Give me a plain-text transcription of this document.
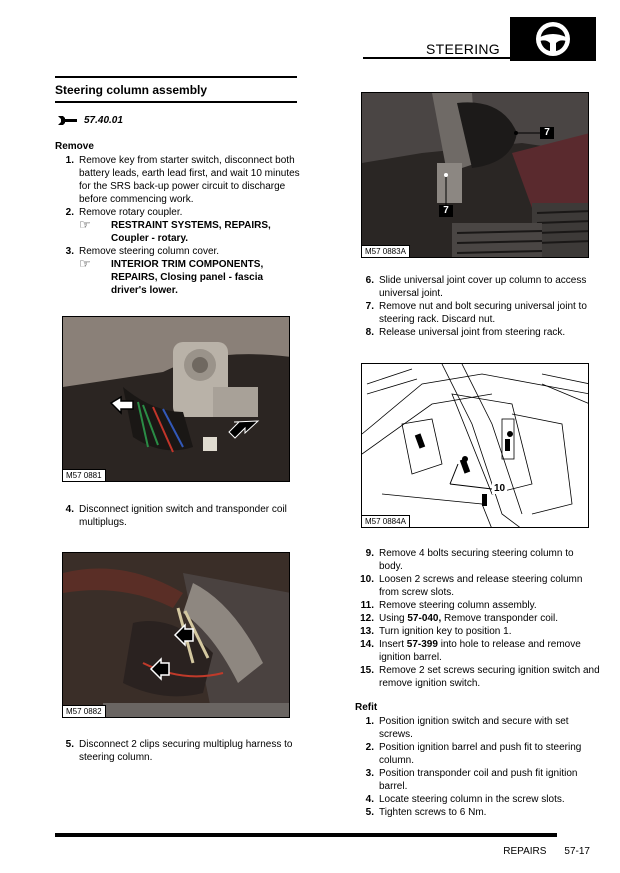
STEERING
Steering column assembly
57.40.01
Remove
1. Remove key from starter switch, disconnect both battery leads, earth lead first, and wait 10 minutes for the SRS back-up power circuit to discharge before commencing work.
2. Remove rotary coupler.
☞	RESTRAINT SYSTEMS, REPAIRS, Coupler - rotary.
3. Remove steering column cover.
☞	INTERIOR TRIM COMPONENTS, REPAIRS, Closing panel - fascia driver's lower.
M57 0881
4. Disconnect ignition switch and transponder coil multiplugs.
M57 0882
5. Disconnect 2 clips securing multiplug harness to steering column.
7
7
M57 0883A
6. Slide universal joint cover up column to access universal joint.
7. Remove nut and bolt securing universal joint to steering rack. Discard nut.
8. Release universal joint from steering rack.
10
M57 0884A
9. Remove 4 bolts securing steering column to body.
10. Loosen 2 screws and release steering column from screw slots.
11. Remove steering column assembly.
12. Using 57-040, Remove transponder coil.
13. Turn ignition key to position 1.
14. Insert 57-399 into hole to release and remove ignition barrel.
15. Remove 2 set screws securing ignition switch and remove ignition switch.
Refit
1. Position ignition switch and secure with set screws.
2. Position ignition barrel and push fit to steering column.
3. Position transponder coil and push fit ignition barrel.
4. Locate steering column in the screw slots.
5. Tighten screws to 6 Nm.
REPAIRS 57-17
